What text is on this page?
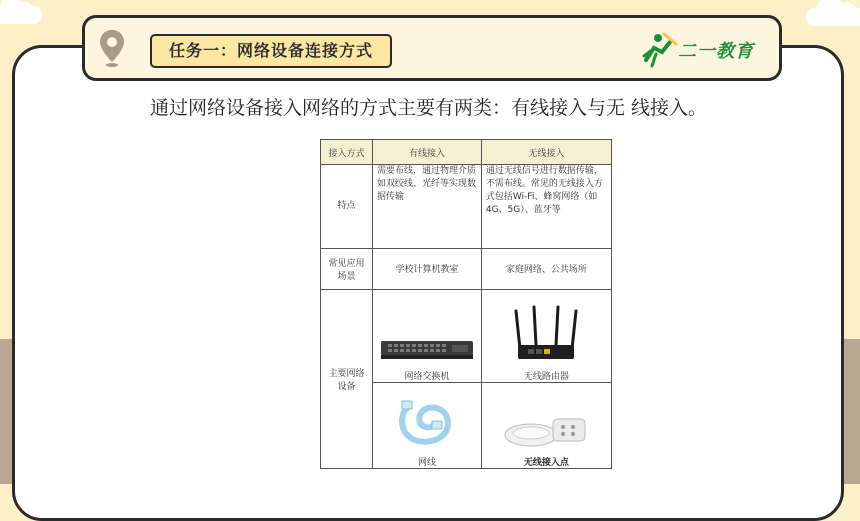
任务一：网络设备连接方式	二一教育
通过网络设备接入网络的方式主要有两类：有线接入与无 线接入。
接入方式	有线接入	无线接入
特点	需要布线，通过物理介质如双绞线、光纤等实现数据传输	通过无线信号进行数据传输，不需布线。常见的无线接入方式包括Wi-Fi、蜂窝网络（如4G、5G）、蓝牙等
常见应用场景	学校计算机教室	家庭网络、公共场所
主要网络设备	网络交换机	无线路由器

网线	无线接入点
